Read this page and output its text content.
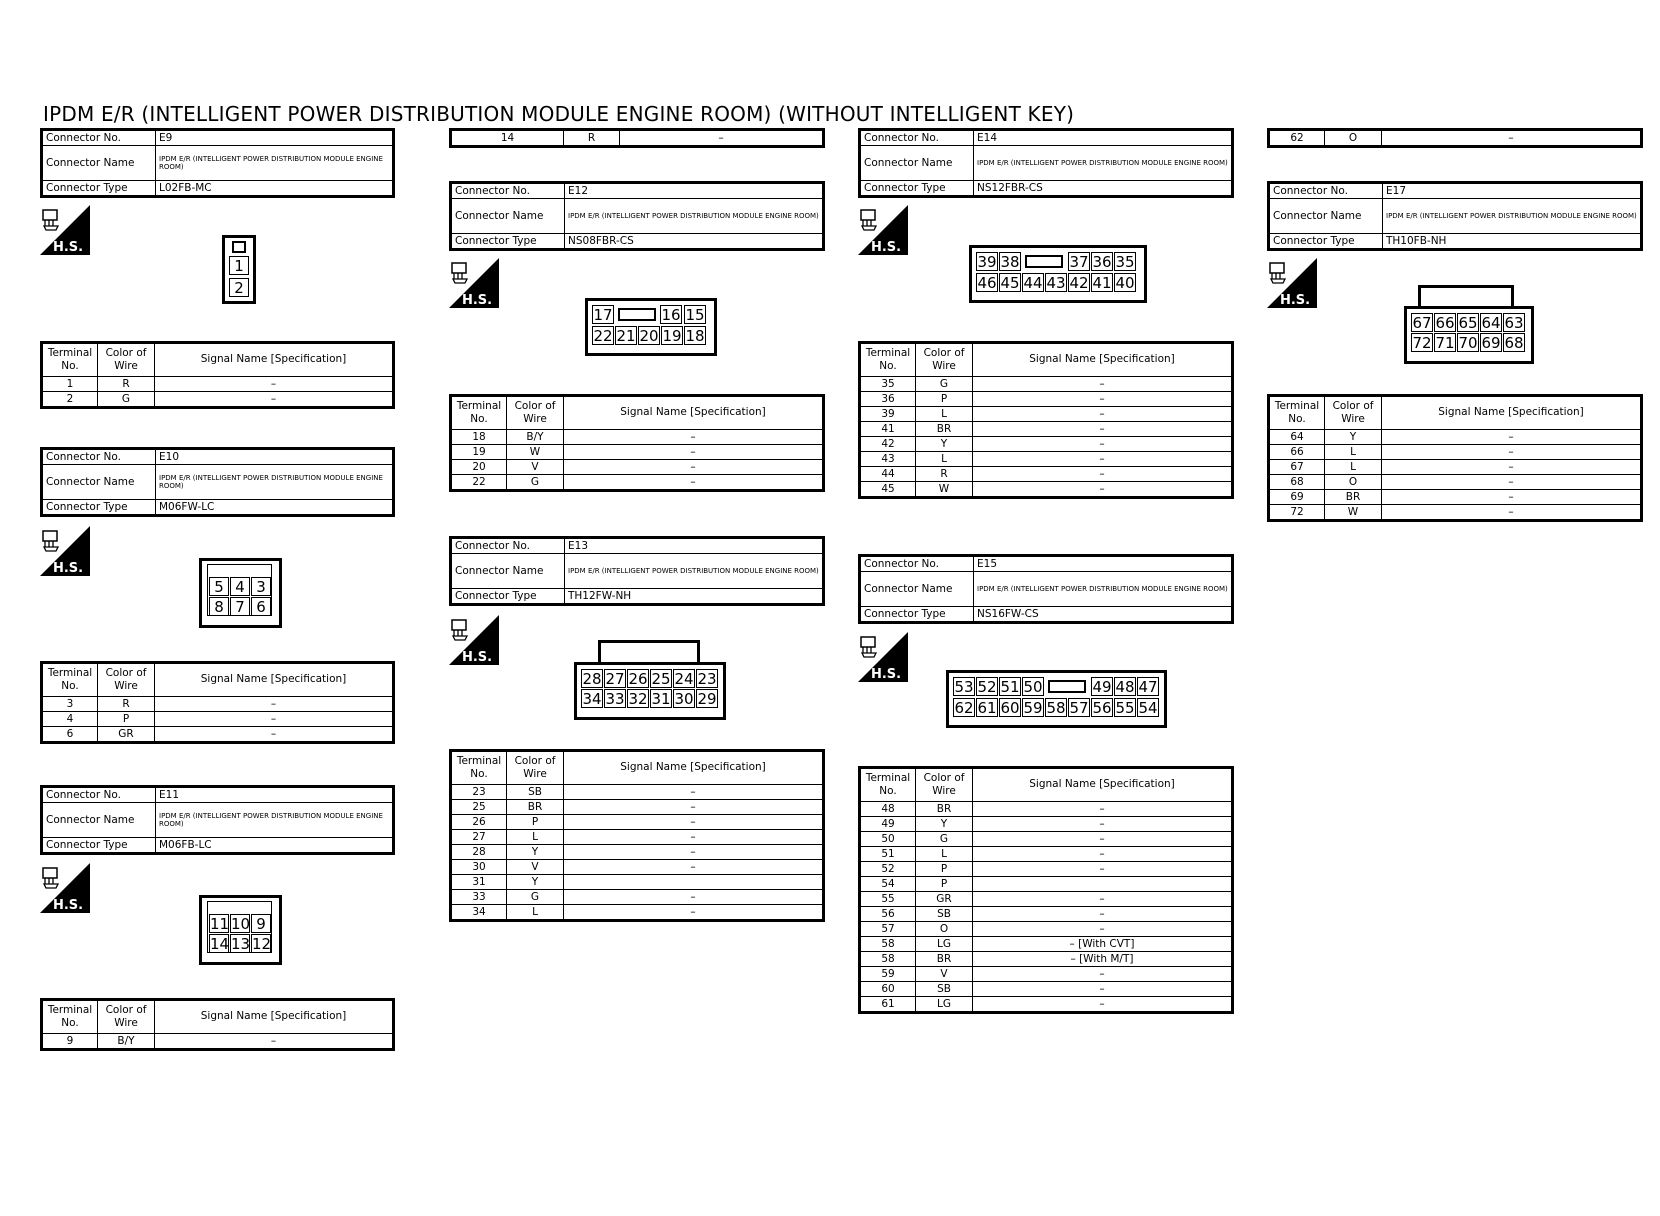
IPDM E/R (INTELLIGENT POWER DISTRIBUTION MODULE ENGINE ROOM) (WITHOUT INTELLIGENT KEY)
Connector No.	E9
Connector Name	IPDM E/R (INTELLIGENT POWER DISTRIBUTION MODULE ENGINE ROOM)
Connector Type	L02FB-MC
H.S.
1
2
Terminal No.	Color of Wire	Signal Name [Specification]
1	R	–
2	G	–
Connector No.	E10
Connector Name	IPDM E/R (INTELLIGENT POWER DISTRIBUTION MODULE ENGINE ROOM)
Connector Type	M06FW-LC
H.S.
5 4 3
8 7 6
Terminal No.	Color of Wire	Signal Name [Specification]
3	R	–
4	P	–
6	GR	–
Connector No.	E11
Connector Name	IPDM E/R (INTELLIGENT POWER DISTRIBUTION MODULE ENGINE ROOM)
Connector Type	M06FB-LC
H.S.
11 10 9
14 13 12
Terminal No.	Color of Wire	Signal Name [Specification]
9	B/Y	–
14	R	–
Connector No.	E12
Connector Name	IPDM E/R (INTELLIGENT POWER DISTRIBUTION MODULE ENGINE ROOM)
Connector Type	NS08FBR-CS
H.S.
17	16 15
22 21 20 19 18
Terminal No.	Color of Wire	Signal Name [Specification]
18	B/Y	–
19	W	–
20	V	–
22	G	–
Connector No.	E13
Connector Name	IPDM E/R (INTELLIGENT POWER DISTRIBUTION MODULE ENGINE ROOM)
Connector Type	TH12FW-NH
H.S.
28 27 26 25 24 23
34 33 32 31 30 29
Terminal No.	Color of Wire	Signal Name [Specification]
23	SB	–
25	BR	–
26	P	–
27	L	–
28	Y	–
30	V	–
31	Y	
33	G	–
34	L	–
Connector No.	E14
Connector Name	IPDM E/R (INTELLIGENT POWER DISTRIBUTION MODULE ENGINE ROOM)
Connector Type	NS12FBR-CS
H.S.
39 38	37 36 35
46 45 44 43 42 41 40
Terminal No.	Color of Wire	Signal Name [Specification]
35	G	–
36	P	–
39	L	–
41	BR	–
42	Y	–
43	L	–
44	R	–
45	W	–
Connector No.	E15
Connector Name	IPDM E/R (INTELLIGENT POWER DISTRIBUTION MODULE ENGINE ROOM)
Connector Type	NS16FW-CS
H.S.
53 52 51 50	49 48 47
62 61 60 59 58 57 56 55 54
Terminal No.	Color of Wire	Signal Name [Specification]
48	BR	–
49	Y	–
50	G	–
51	L	–
52	P	–
54	P	
55	GR	–
56	SB	–
57	O	–
58	LG	– [With CVT]
58	BR	– [With M/T]
59	V	–
60	SB	–
61	LG	–
62	O	–
Connector No.	E17
Connector Name	IPDM E/R (INTELLIGENT POWER DISTRIBUTION MODULE ENGINE ROOM)
Connector Type	TH10FB-NH
H.S.
67 66 65 64 63
72 71 70 69 68
Terminal No.	Color of Wire	Signal Name [Specification]
64	Y	–
66	L	–
67	L	–
68	O	–
69	BR	–
72	W	–
